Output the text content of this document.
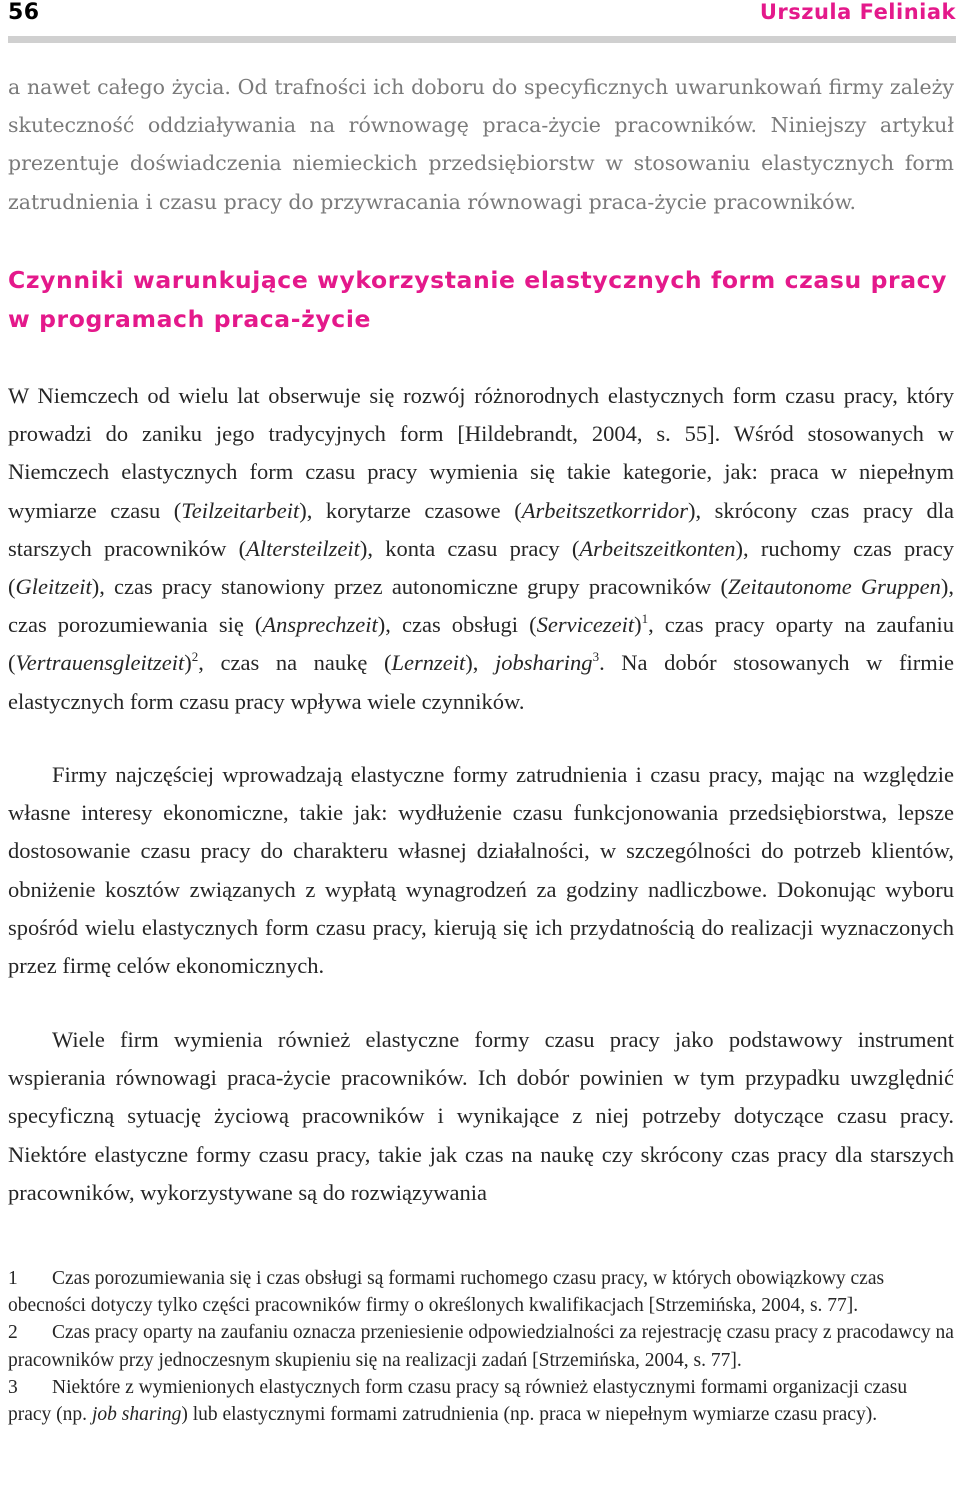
56	Urszula Feliniak

a nawet całego życia. Od trafności ich doboru do specyficznych uwarunkowań firmy zależy skuteczność oddziaływania na równowagę praca-życie pracowników. Niniejszy artykuł prezentuje doświadczenia niemieckich przedsiębiorstw w stosowaniu elastycznych form zatrudnienia i czasu pracy do przywracania równowagi praca-życie pracowników.

Czynniki warunkujące wykorzystanie elastycznych form czasu pracy w programach praca-życie

W Niemczech od wielu lat obserwuje się rozwój różnorodnych elastycznych form czasu pracy, który prowadzi do zaniku jego tradycyjnych form [Hildebrandt, 2004, s. 55]. Wśród stosowanych w Niemczech elastycznych form czasu pracy wymienia się takie kategorie, jak: praca w niepełnym wymiarze czasu (Teilzeitarbeit), korytarze czasowe (Arbeitszetkorridor), skrócony czas pracy dla starszych pracowników (Altersteilzeit), konta czasu pracy (Arbeitszeitkonten), ruchomy czas pracy (Gleitzeit), czas pracy stanowiony przez autonomiczne grupy pracowników (Zeitautonome Gruppen), czas porozumiewania się (Ansprechzeit), czas obsługi (Servicezeit)$^1$, czas pracy oparty na zaufaniu (Vertrauensgleitzeit)$^2$, czas na naukę (Lernzeit), jobsharing$^3$. Na dobór stosowanych w firmie elastycznych form czasu pracy wpływa wiele czynników.

Firmy najczęściej wprowadzają elastyczne formy zatrudnienia i czasu pracy, mając na względzie własne interesy ekonomiczne, takie jak: wydłużenie czasu funkcjonowania przedsiębiorstwa, lepsze dostosowanie czasu pracy do charakteru własnej działalności, w szczególności do potrzeb klientów, obniżenie kosztów związanych z wypłatą wynagrodzeń za godziny nadliczbowe. Dokonując wyboru spośród wielu elastycznych form czasu pracy, kierują się ich przydatnością do realizacji wyznaczonych przez firmę celów ekonomicznych.

Wiele firm wymienia również elastyczne formy czasu pracy jako podstawowy instrument wspierania równowagi praca-życie pracowników. Ich dobór powinien w tym przypadku uwzględnić specyficzną sytuację życiową pracowników i wynikające z niej potrzeby dotyczące czasu pracy. Niektóre elastyczne formy czasu pracy, takie jak czas na naukę czy skrócony czas pracy dla starszych pracowników, wykorzystywane są do rozwiązywania

1 Czas porozumiewania się i czas obsługi są formami ruchomego czasu pracy, w których obowiązkowy czas obecności dotyczy tylko części pracowników firmy o określonych kwalifikacjach [Strzemińska, 2004, s. 77].

2 Czas pracy oparty na zaufaniu oznacza przeniesienie odpowiedzialności za rejestrację czasu pracy z pracodawcy na pracowników przy jednoczesnym skupieniu się na realizacji zadań [Strzemińska, 2004, s. 77].

3 Niektóre z wymienionych elastycznych form czasu pracy są również elastycznymi formami organizacji czasu pracy (np. job sharing) lub elastycznymi formami zatrudnienia (np. praca w niepełnym wymiarze czasu pracy).
